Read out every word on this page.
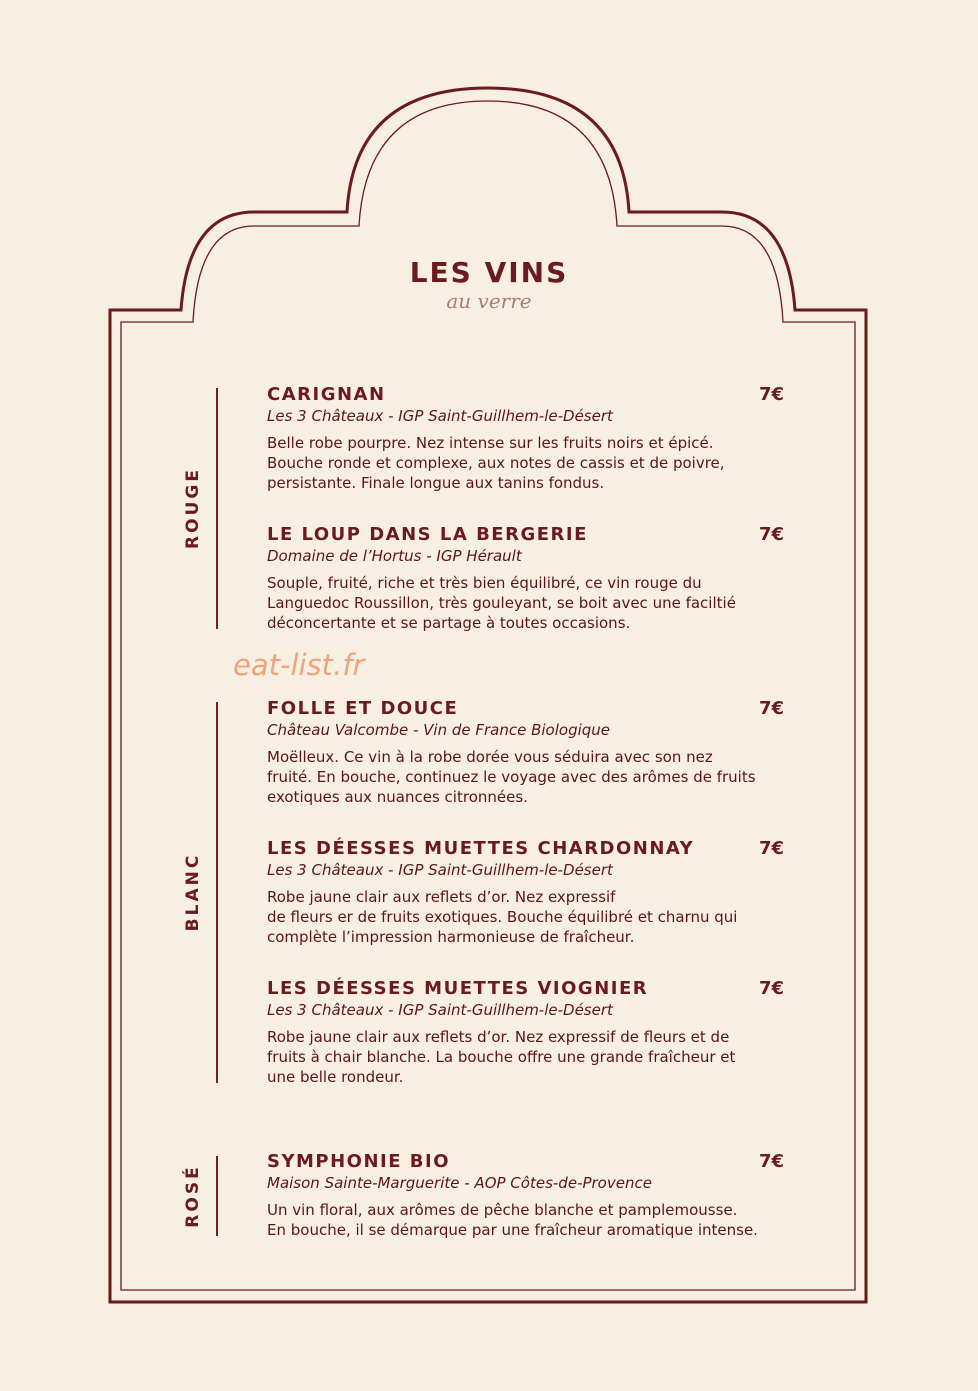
LES VINS
au verre
eat-list.fr
ROUGE
CARIGNAN	7€
Les 3 Châteaux - IGP Saint-Guillhem-le-Désert
Belle robe pourpre. Nez intense sur les fruits noirs et épicé.
Bouche ronde et complexe, aux notes de cassis et de poivre,
persistante. Finale longue aux tanins fondus.
LE LOUP DANS LA BERGERIE	7€
Domaine de l’Hortus - IGP Hérault
Souple, fruité, riche et très bien équilibré, ce vin rouge du
Languedoc Roussillon, très gouleyant, se boit avec une faciltié
déconcertante et se partage à toutes occasions.
BLANC
FOLLE ET DOUCE	7€
Château Valcombe - Vin de France Biologique
Moëlleux. Ce vin à la robe dorée vous séduira avec son nez
fruité. En bouche, continuez le voyage avec des arômes de fruits
exotiques aux nuances citronnées.
LES DÉESSES MUETTES CHARDONNAY	7€
Les 3 Châteaux - IGP Saint-Guillhem-le-Désert
Robe jaune clair aux reflets d’or. Nez expressif
de fleurs er de fruits exotiques. Bouche équilibré et charnu qui
complète l’impression harmonieuse de fraîcheur.
LES DÉESSES MUETTES VIOGNIER	7€
Les 3 Châteaux - IGP Saint-Guillhem-le-Désert
Robe jaune clair aux reflets d’or. Nez expressif de fleurs et de
fruits à chair blanche. La bouche offre une grande fraîcheur et
une belle rondeur.
ROSÉ
SYMPHONIE BIO	7€
Maison Sainte-Marguerite - AOP Côtes-de-Provence
Un vin floral, aux arômes de pêche blanche et pamplemousse.
En bouche, il se démarque par une fraîcheur aromatique intense.
